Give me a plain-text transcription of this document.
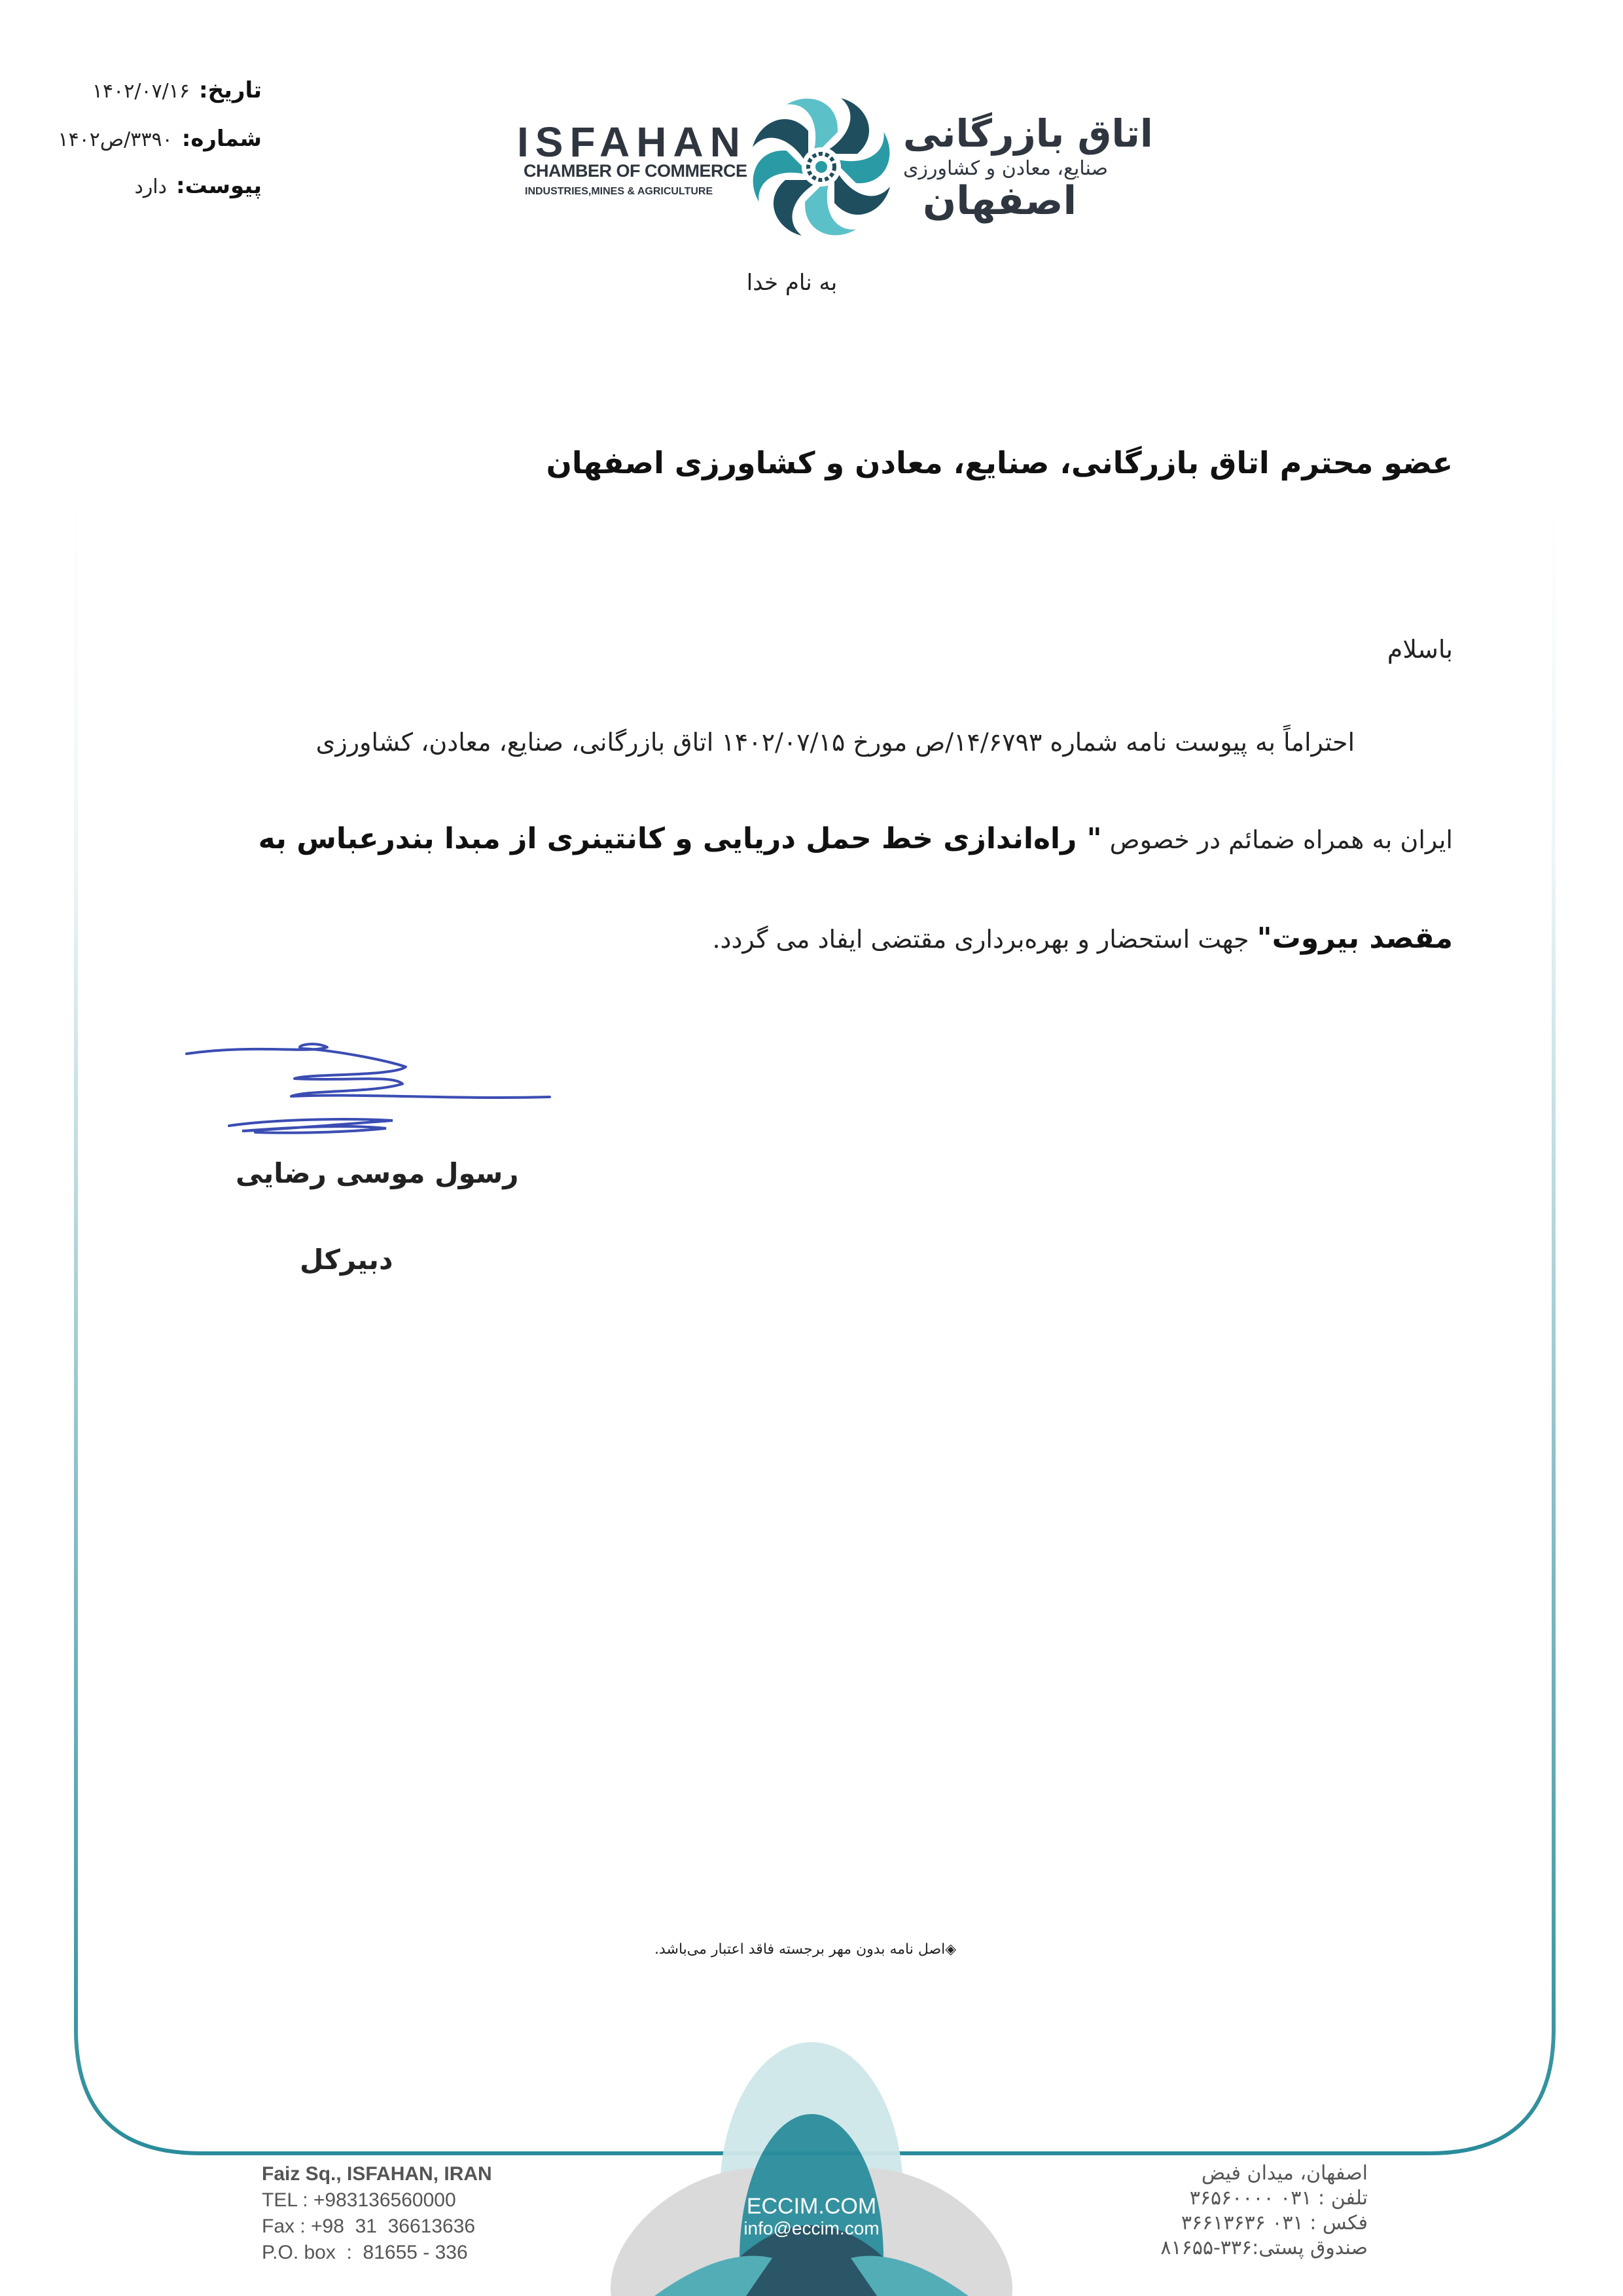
تاریخ:
۱۴۰۲/۰۷/۱۶
شماره:
۳۳۹۰/ص۱۴۰۲
پیوست:
دارد
ISFAHAN
CHAMBER OF COMMERCE
INDUSTRIES,MINES & AGRICULTURE
اتاق بازرگانی
صنایع، معادن و کشاورزی
اصفهان
به نام خدا
عضو محترم اتاق بازرگانی، صنایع، معادن و کشاورزی اصفهان
باسلام
احتراماً به پیوست نامه شماره ۱۴/۶۷۹۳/ص مورخ ۱۴۰۲/۰۷/۱۵ اتاق بازرگانی، صنایع، معادن، کشاورزی
ایران به همراه ضمائم در خصوص " راه‌اندازی خط حمل دریایی و کانتینری از مبدا بندرعباس به
مقصد بیروت" جهت استحضار و بهره‌برداری مقتضی ایفاد می گردد.
رسول موسی رضایی
دبیرکل
◈اصل نامه بدون مهر برجسته فاقد اعتبار می‌باشد.
ECCIM.COM
info@eccim.com
Faiz Sq., ISFAHAN, IRAN
TEL : +983136560000
Fax : +98  31  36613636
P.O. box  :  81655 - 336
اصفهان، میدان فیض
تلفن : ۰۳۱ ۳۶۵۶۰۰۰۰
فکس : ۰۳۱ ۳۶۶۱۳۶۳۶
صندوق پستی:۳۳۶-۸۱۶۵۵
